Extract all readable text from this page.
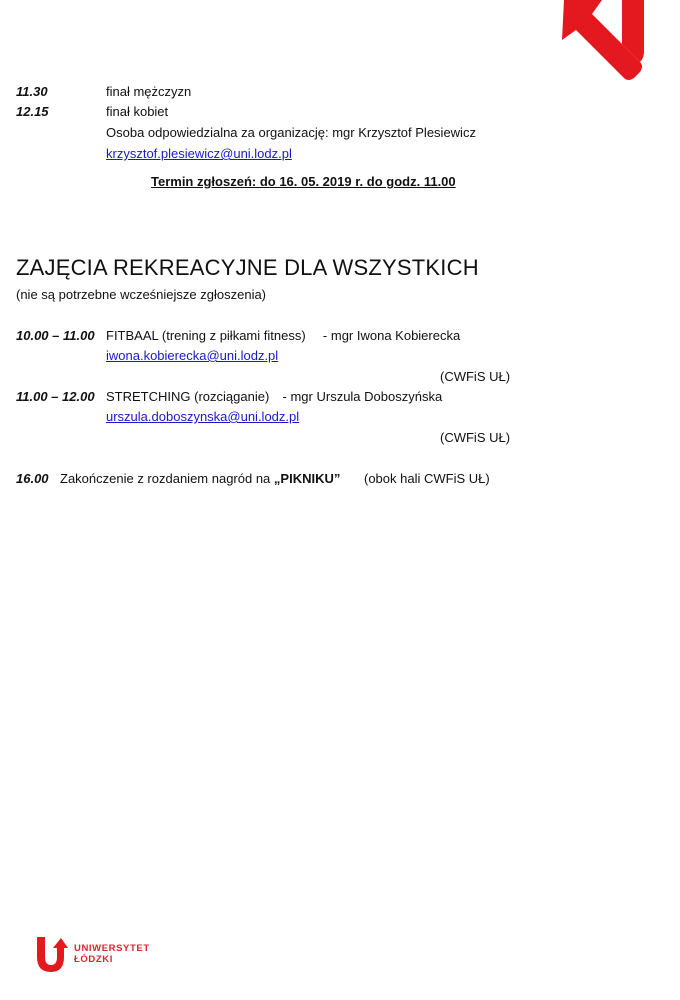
11.30	finał mężczyzn
12.15	finał kobiet
Osoba odpowiedzialna za organizację: mgr Krzysztof Plesiewicz
krzysztof.plesiewicz@uni.lodz.pl
Termin zgłoszeń: do 16. 05. 2019 r. do godz. 11.00
ZAJĘCIA REKREACYJNE DLA WSZYSTKICH
(nie są potrzebne wcześniejsze zgłoszenia)
10.00 – 11.00 FITBAAL (trening z piłkami fitness) - mgr Iwona Kobierecka
iwona.kobierecka@uni.lodz.pl
(CWFiS UŁ)
11.00 – 12.00 STRETCHING (rozciąganie) - mgr Urszula Doboszyńska
urszula.doboszynska@uni.lodz.pl
(CWFiS UŁ)
16.00 Zakończenie z rozdaniem nagród na „PIKNIKU” (obok hali CWFiS UŁ)
UNIWERSYTET
ŁÓDZKI
